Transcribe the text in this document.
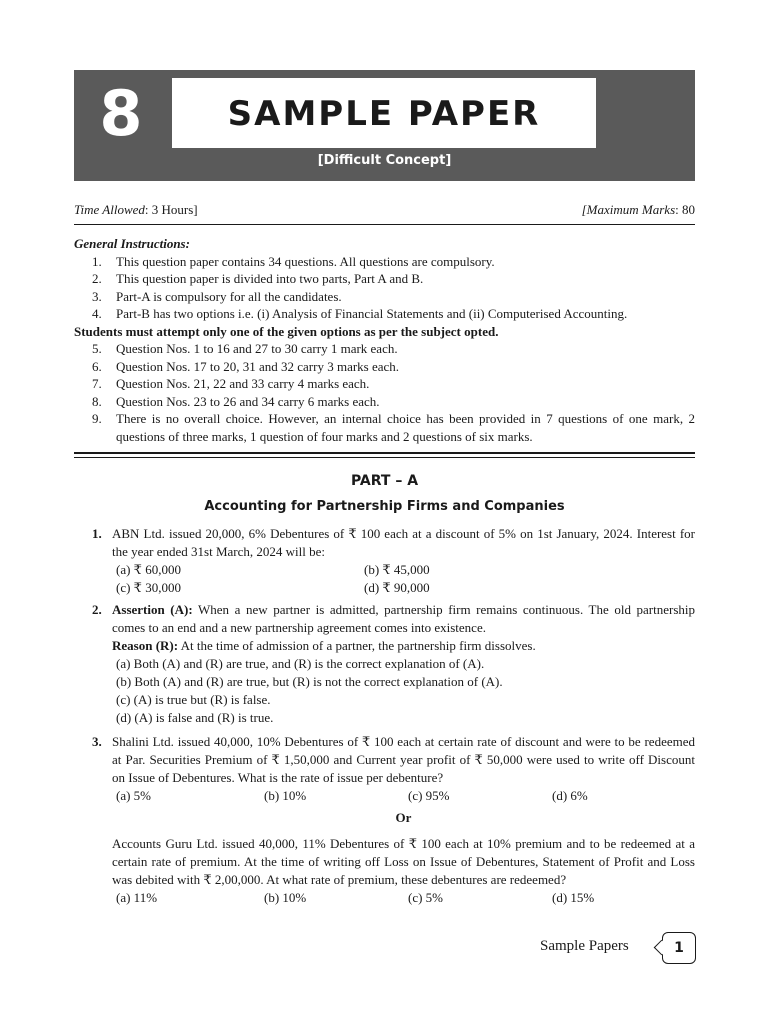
8	SAMPLE PAPER
[Difficult Concept]
Time Allowed: 3 Hours]	[Maximum Marks: 80
General Instructions:
1. This question paper contains 34 questions. All questions are compulsory.
2. This question paper is divided into two parts, Part A and B.
3. Part-A is compulsory for all the candidates.
4. Part-B has two options i.e. (i) Analysis of Financial Statements and (ii) Computerised Accounting.
Students must attempt only one of the given options as per the subject opted.
5. Question Nos. 1 to 16 and 27 to 30 carry 1 mark each.
6. Question Nos. 17 to 20, 31 and 32 carry 3 marks each.
7. Question Nos. 21, 22 and 33 carry 4 marks each.
8. Question Nos. 23 to 26 and 34 carry 6 marks each.
9. There is no overall choice. However, an internal choice has been provided in 7 questions of one mark, 2 questions of three marks, 1 question of four marks and 2 questions of six marks.
PART – A
Accounting for Partnership Firms and Companies
1. ABN Ltd. issued 20,000, 6% Debentures of ₹ 100 each at a discount of 5% on 1st January, 2024. Interest for the year ended 31st March, 2024 will be:
(a) ₹ 60,000	(b) ₹ 45,000
(c) ₹ 30,000	(d) ₹ 90,000
2. Assertion (A): When a new partner is admitted, partnership firm remains continuous. The old partnership comes to an end and a new partnership agreement comes into existence.
Reason (R): At the time of admission of a partner, the partnership firm dissolves.
(a) Both (A) and (R) are true, and (R) is the correct explanation of (A).
(b) Both (A) and (R) are true, but (R) is not the correct explanation of (A).
(c) (A) is true but (R) is false.
(d) (A) is false and (R) is true.
3. Shalini Ltd. issued 40,000, 10% Debentures of ₹ 100 each at certain rate of discount and were to be redeemed at Par. Securities Premium of ₹ 1,50,000 and Current year profit of ₹ 50,000 were used to write off Discount on Issue of Debentures. What is the rate of issue per debenture?
(a) 5%	(b) 10%	(c) 95%	(d) 6%
Or
Accounts Guru Ltd. issued 40,000, 11% Debentures of ₹ 100 each at 10% premium and to be redeemed at a certain rate of premium. At the time of writing off Loss on Issue of Debentures, Statement of Profit and Loss was debited with ₹ 2,00,000. At what rate of premium, these debentures are redeemed?
(a) 11%	(b) 10%	(c) 5%	(d) 15%
Sample Papers	1
